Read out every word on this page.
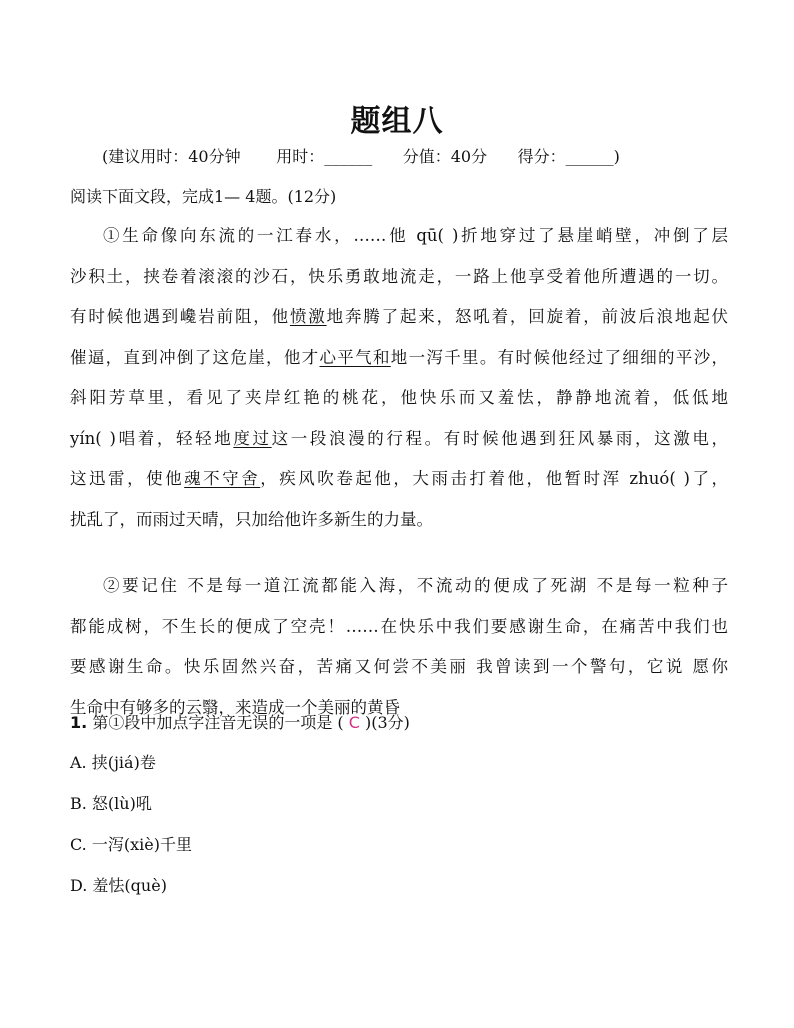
题组八
(建议用时：40分钟 用时：______ 分值：40分 得分：______)
阅读下面文段，完成1— 4题。(12分)
①生命像向东流的一江春水，……他 qū( )折地穿过了悬崖峭壁，冲倒了层
沙积土，挟卷着滚滚的沙石，快乐勇敢地流走，一路上他享受着他所遭遇的一切。
有时候他遇到巉岩前阻，他愤激地奔腾了起来，怒吼着，回旋着，前波后浪地起伏
催逼，直到冲倒了这危崖，他才心平气和地一泻千里。有时候他经过了细细的平沙，
斜阳芳草里，看见了夹岸红艳的桃花，他快乐而又羞怯，静静地流着，低低地
yín( )唱着，轻轻地度过这一段浪漫的行程。有时候他遇到狂风暴雨，这激电，
这迅雷，使他魂不守舍，疾风吹卷起他，大雨击打着他，他暂时浑 zhuó( )了，
扰乱了，而雨过天晴，只加给他许多新生的力量。
②要记住 不是每一道江流都能入海，不流动的便成了死湖 不是每一粒种子
都能成树，不生长的便成了空壳！……在快乐中我们要感谢生命，在痛苦中我们也
要感谢生命。快乐固然兴奋，苦痛又何尝不美丽 我曾读到一个警句，它说 愿你
生命中有够多的云翳，来造成一个美丽的黄昏
1. 第①段中加点字注音无误的一项是 ( C )(3分)
A. 挟(jiá)卷
B. 怒(lù)吼
C. 一泻(xiè)千里
D. 羞怯(què)
